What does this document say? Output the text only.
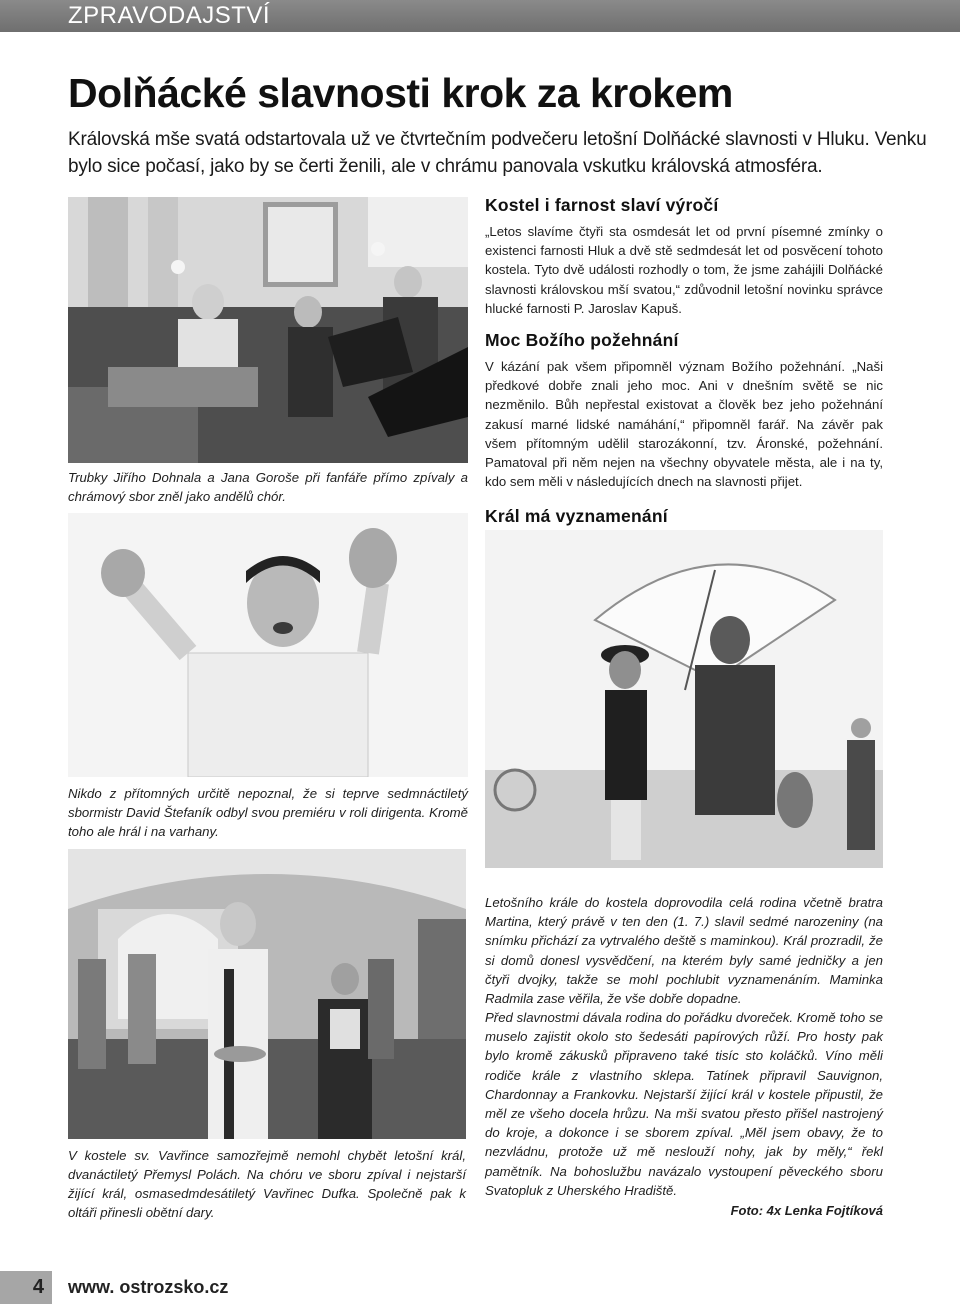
ZPRAVODAJSTVÍ
Dolňácké slavnosti krok za krokem
Královská mše svatá odstartovala už ve čtvrtečním podvečeru letošní Dolňácké slavnosti v Hluku. Venku bylo sice počasí, jako by se čerti ženili, ale v chrámu panovala vskutku královská atmosféra.
Trubky Jiřího Dohnala a Jana Goroše při fanfáře přímo zpívaly a chrámový sbor zněl jako andělů chór.
Nikdo z přítomných určitě nepoznal, že si teprve sedmnáctiletý sbormistr David Štefaník odbyl svou premiéru v roli dirigenta. Kromě toho ale hrál i na varhany.
Kostel i farnost slaví výročí
„Letos slavíme čtyři sta osmdesát let od první písemné zmínky o existenci farnosti Hluk a dvě stě sedmdesát let od posvěcení tohoto kostela. Tyto dvě události rozhodly o tom, že jsme zahájili Dolňácké slavnosti královskou mší svatou,“ zdůvodnil letošní novinku správce hlucké farnosti P. Jaroslav Kapuš.
Moc Božího požehnání
V kázání pak všem připomněl význam Božího požehnání. „Naši předkové dobře znali jeho moc. Ani v dnešním světě se nic nezměnilo. Bůh nepřestal existovat a člověk bez jeho požehnání zakusí marné lidské namáhání,“ připomněl farář. Na závěr pak všem přítomným udělil starozákonní, tzv. Áronské, požehnání. Pamatoval při něm nejen na všechny obyvatele města, ale i na ty, kdo sem měli v následujících dnech na slavnosti přijet.
Král má vyznamenání
V kostele sv. Vavřince samozřejmě nemohl chybět letošní král, dvanáctiletý Přemysl Polách. Na chóru ve sboru zpíval i nejstarší žijící král, osmasedmdesátiletý Vavřinec Dufka. Společně pak k oltáři přinesli obětní dary.
Letošního krále do kostela doprovodila celá rodina včetně bratra Martina, který právě v ten den (1. 7.) slavil sedmé narozeniny (na snímku přichází za vytrvalého deště s maminkou). Král prozradil, že si domů donesl vysvědčení, na kterém byly samé jedničky a jen čtyři dvojky, takže se mohl pochlubit vyznamenáním. Maminka Radmila zase věřila, že vše dobře dopadne.
Před slavnostmi dávala rodina do pořádku dvoreček. Kromě toho se muselo zajistit okolo sto šedesáti papírových růží. Pro hosty pak bylo kromě zákusků připraveno také tisíc sto koláčků. Víno měli rodiče krále z vlastního sklepa. Tatínek připravil Sauvignon, Chardonnay a Frankovku. Nejstarší žijící král v kostele připustil, že měl ze všeho docela hrůzu. Na mši svatou přesto přišel nastrojený do kroje, a dokonce i se sborem zpíval. „Měl jsem obavy, že to nezvládnu, protože už mě neslouží nohy, jak by měly,“ řekl pamětník. Na bohoslužbu navázalo vystoupení pěveckého sboru Svatopluk z Uherského Hradiště.
Foto: 4x Lenka Fojtíková
4 www. ostrozsko.cz
